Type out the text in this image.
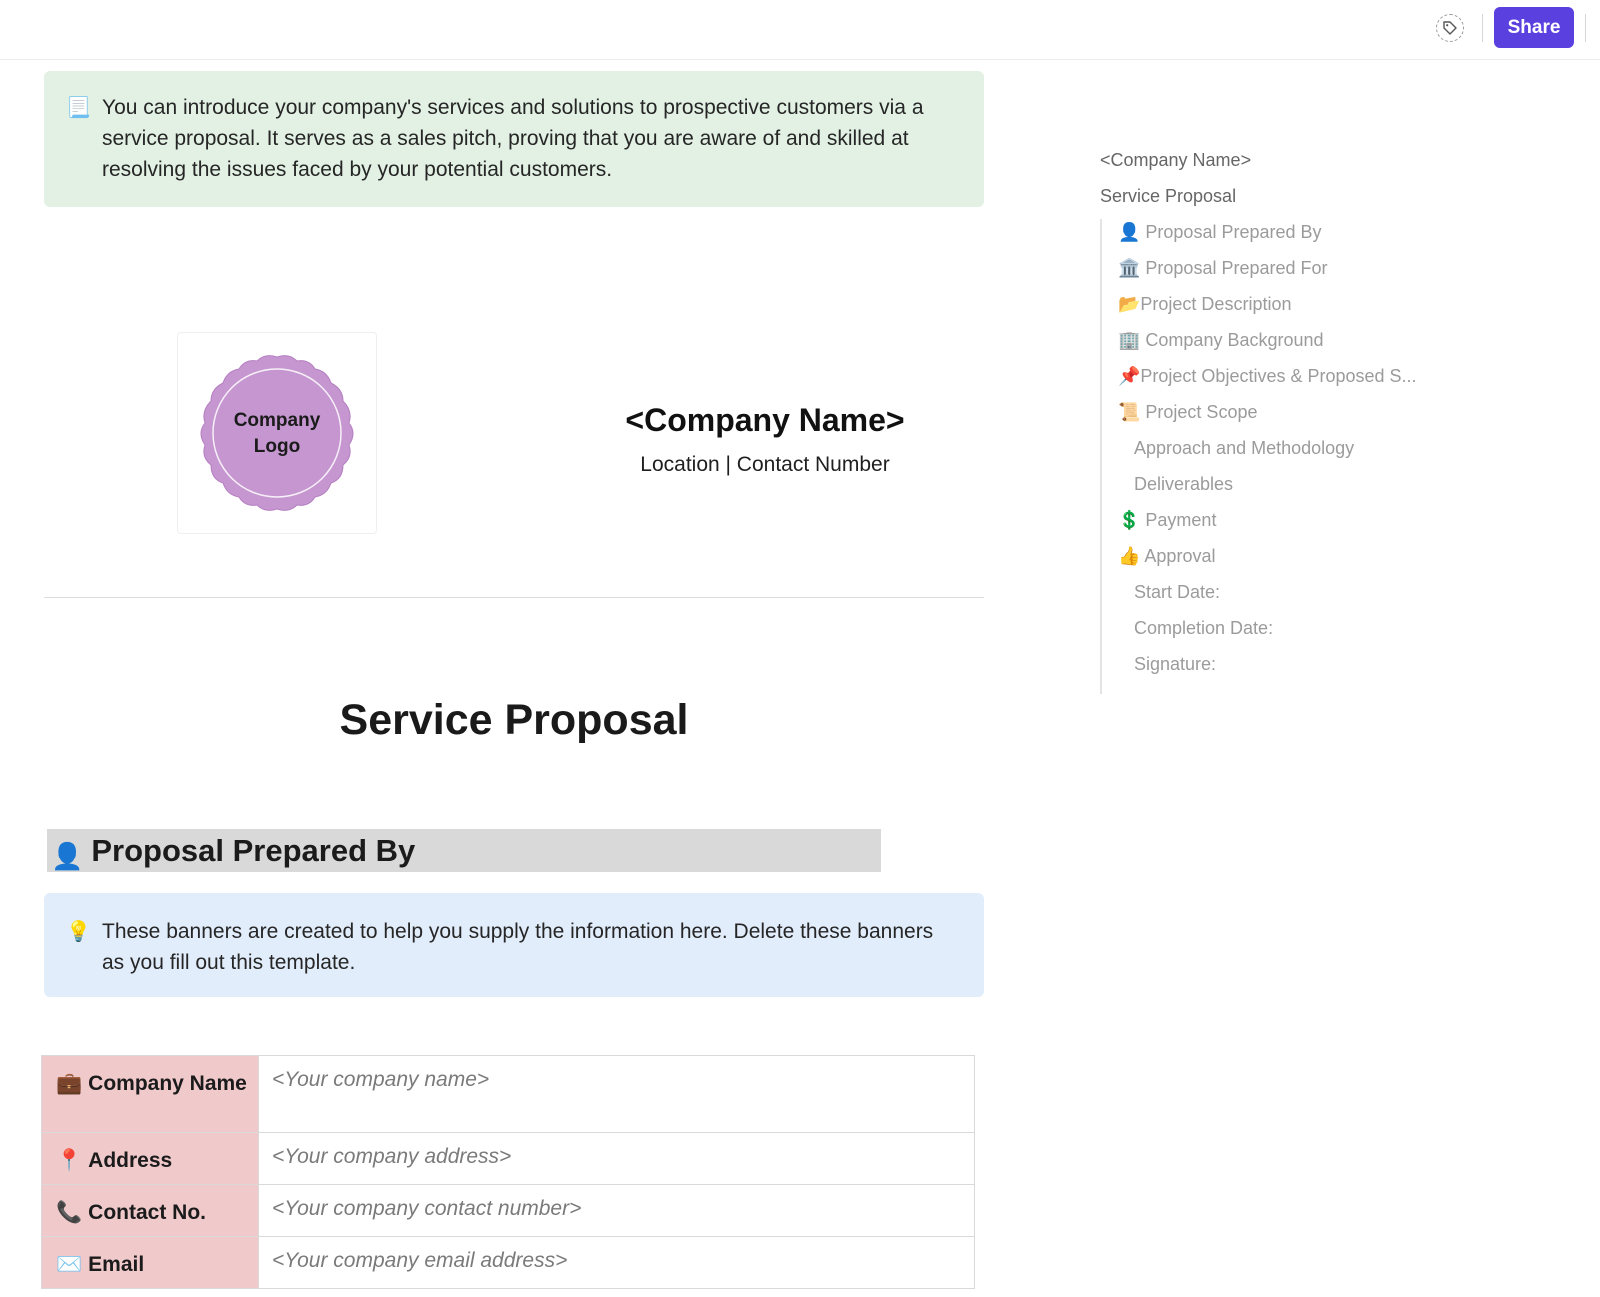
Share
📃 You can introduce your company's services and solutions to prospective customers via a service proposal. It serves as a sales pitch, proving that you are aware of and skilled at resolving the issues faced by your potential customers.
Company
Logo
<Company Name>
Location | Contact Number
Service Proposal
👤 Proposal Prepared By
💡 These banners are created to help you supply the information here. Delete these banners as you fill out this template.
💼 Company Name	<Your company name>
📍 Address	<Your company address>
📞 Contact No.	<Your company contact number>
✉️ Email	<Your company email address>
<Company Name>
Service Proposal
👤 Proposal Prepared By
🏛️ Proposal Prepared For
📂Project Description
🏢 Company Background
📌Project Objectives & Proposed S...
📜 Project Scope
Approach and Methodology
Deliverables
💲 Payment
👍 Approval
Start Date:
Completion Date:
Signature:
